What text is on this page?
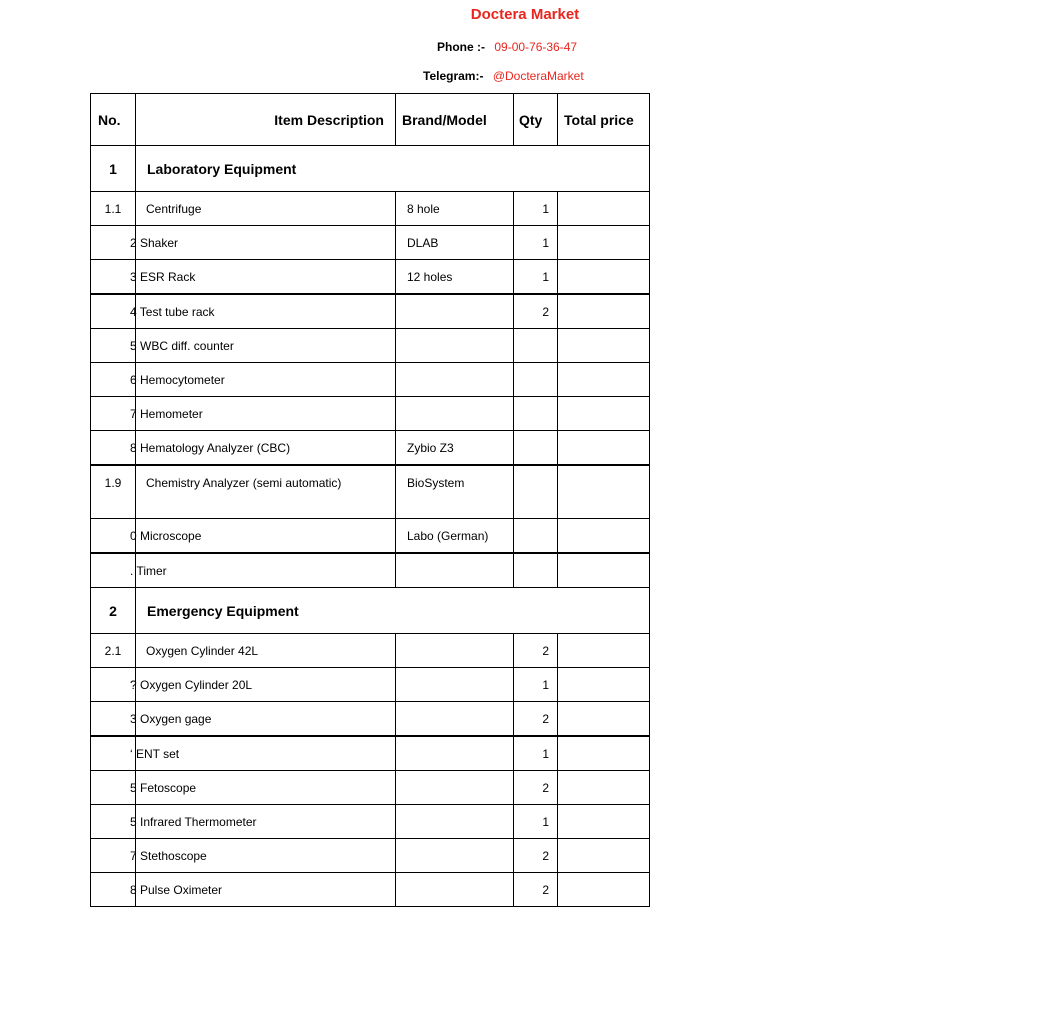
Doctera Market
Phone :- 09-00-76-36-47
Telegram:- @DocteraMarket
No.	Item Description	Brand/Model	Qty	Total price
1	Laboratory Equipment			
1.1	Centrifuge	8 hole	1	
	2 Shaker	DLAB	1	
	3 ESR Rack	12 holes	1	
	4 Test tube rack		2	
	5 WBC diff. counter			
	6 Hemocytometer			
	7 Hemometer			
	8 Hematology Analyzer (CBC)	Zybio Z3		

1.9	Chemistry Analyzer (semi automatic)	BioSystem		

	0 Microscope	Labo (German)		
	. Timer			
2	Emergency Equipment			
2.1	Oxygen Cylinder 42L		2	
	? Oxygen Cylinder 20L		1	
	3 Oxygen gage		2	
	‘ ENT set		1	
	5 Fetoscope		2	
	5 Infrared Thermometer		1	
	7 Stethoscope		2	
	8 Pulse Oximeter		2	
